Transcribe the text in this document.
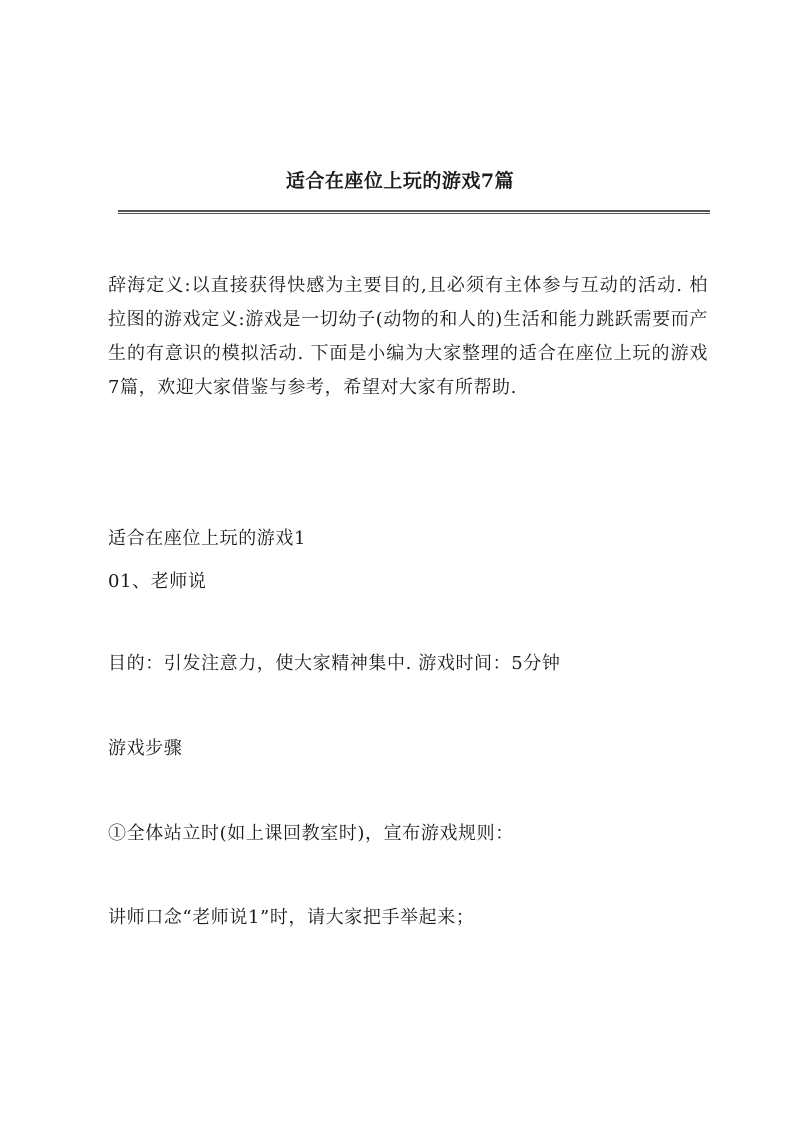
适合在座位上玩的游戏7篇

辞海定义:以直接获得快感为主要目的,且必须有主体参与互动的活动. 柏拉图的游戏定义:游戏是一切幼子(动物的和人的)生活和能力跳跃需要而产生的有意识的模拟活动. 下面是小编为大家整理的适合在座位上玩的游戏7篇，欢迎大家借鉴与参考，希望对大家有所帮助.

适合在座位上玩的游戏1
01、老师说
目的：引发注意力，使大家精神集中. 游戏时间：5分钟
游戏步骤
①全体站立时(如上课回教室时)，宣布游戏规则：
讲师口念“老师说1”时，请大家把手举起来；
